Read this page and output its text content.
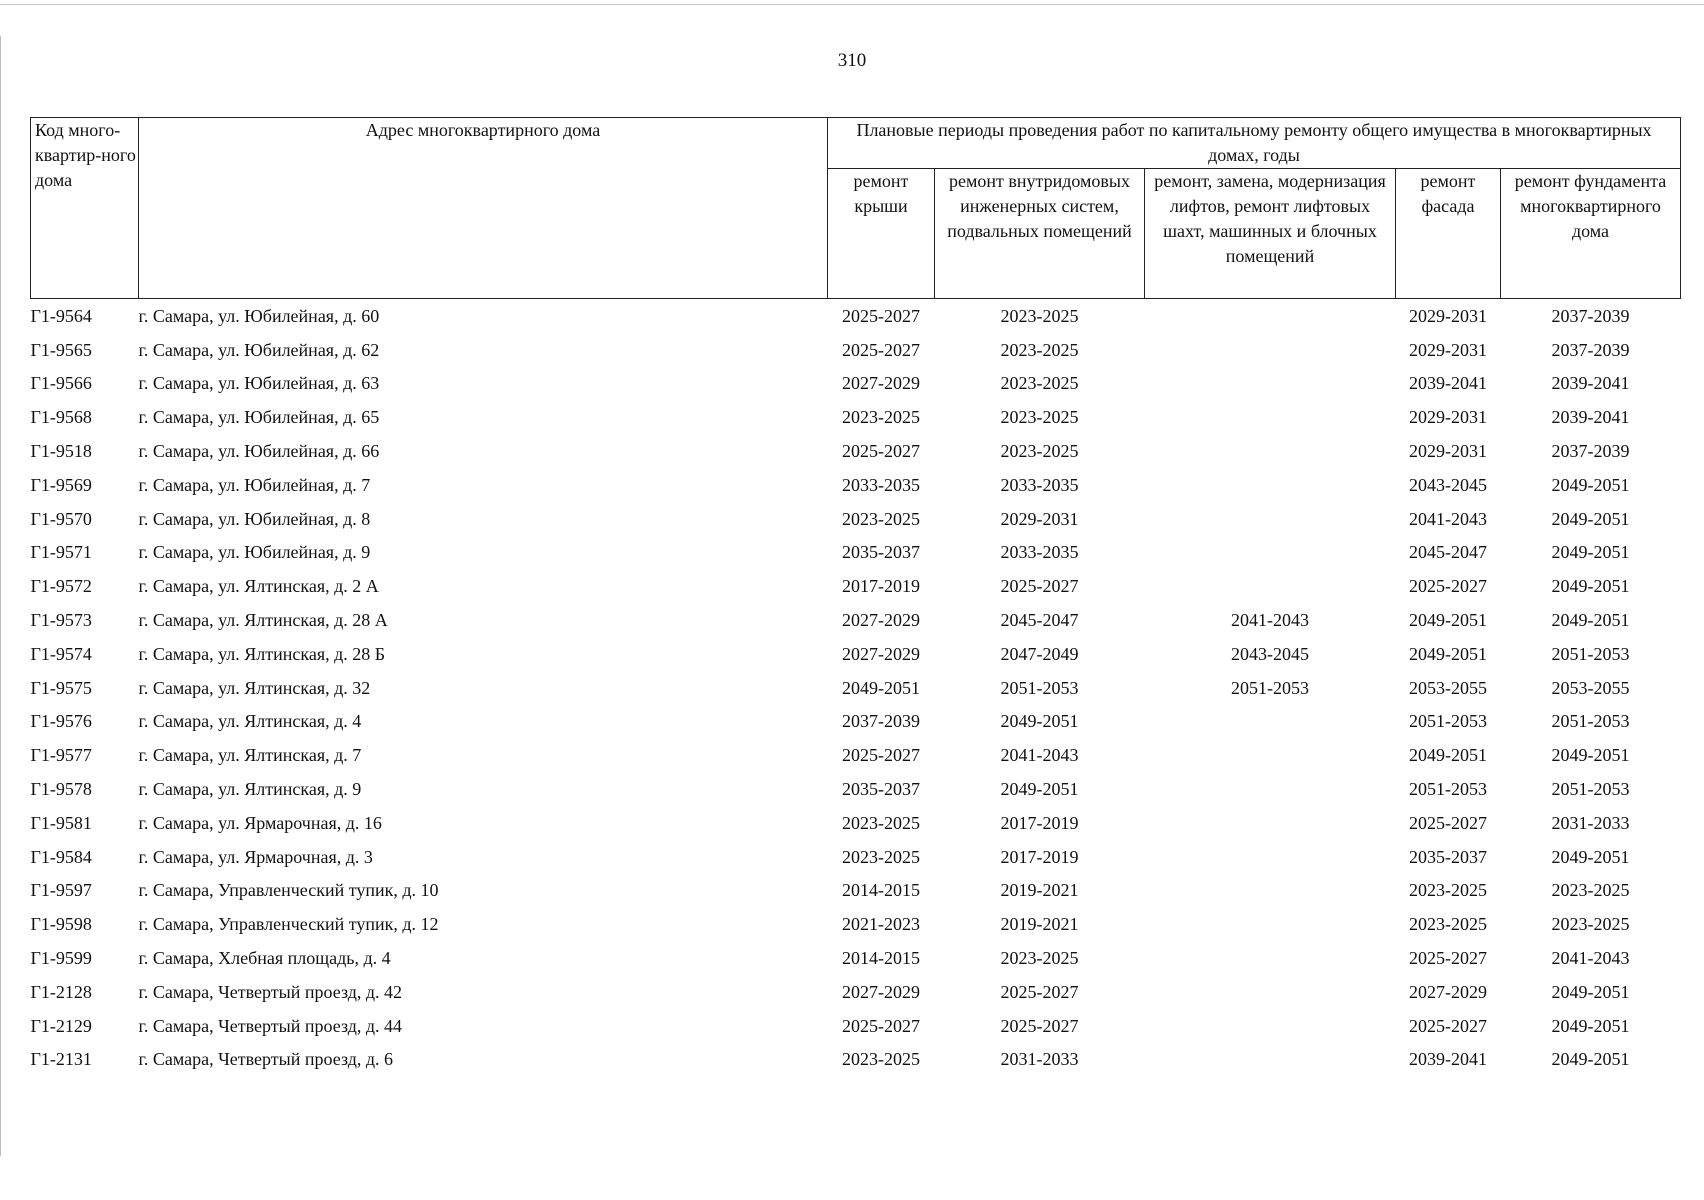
310
Код много-квартир-ного дома	Адрес многоквартирного дома	Плановые периоды проведения работ по капитальному ремонту общего имущества в многоквартирных домах, годы				
		ремонт крыши	ремонт внутридомовых инженерных систем, подвальных помещений	ремонт, замена, модернизация лифтов, ремонт лифтовых шахт, машинных и блочных помещений	ремонт фасада	ремонт фундамента многоквартирного дома
Г1-9564	г. Самара, ул. Юбилейная, д. 60	2025-2027	2023-2025		2029-2031	2037-2039
Г1-9565	г. Самара, ул. Юбилейная, д. 62	2025-2027	2023-2025		2029-2031	2037-2039
Г1-9566	г. Самара, ул. Юбилейная, д. 63	2027-2029	2023-2025		2039-2041	2039-2041
Г1-9568	г. Самара, ул. Юбилейная, д. 65	2023-2025	2023-2025		2029-2031	2039-2041
Г1-9518	г. Самара, ул. Юбилейная, д. 66	2025-2027	2023-2025		2029-2031	2037-2039
Г1-9569	г. Самара, ул. Юбилейная, д. 7	2033-2035	2033-2035		2043-2045	2049-2051
Г1-9570	г. Самара, ул. Юбилейная, д. 8	2023-2025	2029-2031		2041-2043	2049-2051
Г1-9571	г. Самара, ул. Юбилейная, д. 9	2035-2037	2033-2035		2045-2047	2049-2051
Г1-9572	г. Самара, ул. Ялтинская, д. 2 А	2017-2019	2025-2027		2025-2027	2049-2051
Г1-9573	г. Самара, ул. Ялтинская, д. 28 А	2027-2029	2045-2047	2041-2043	2049-2051	2049-2051
Г1-9574	г. Самара, ул. Ялтинская, д. 28 Б	2027-2029	2047-2049	2043-2045	2049-2051	2051-2053
Г1-9575	г. Самара, ул. Ялтинская, д. 32	2049-2051	2051-2053	2051-2053	2053-2055	2053-2055
Г1-9576	г. Самара, ул. Ялтинская, д. 4	2037-2039	2049-2051		2051-2053	2051-2053
Г1-9577	г. Самара, ул. Ялтинская, д. 7	2025-2027	2041-2043		2049-2051	2049-2051
Г1-9578	г. Самара, ул. Ялтинская, д. 9	2035-2037	2049-2051		2051-2053	2051-2053
Г1-9581	г. Самара, ул. Ярмарочная, д. 16	2023-2025	2017-2019		2025-2027	2031-2033
Г1-9584	г. Самара, ул. Ярмарочная, д. 3	2023-2025	2017-2019		2035-2037	2049-2051
Г1-9597	г. Самара, Управленческий тупик, д. 10	2014-2015	2019-2021		2023-2025	2023-2025
Г1-9598	г. Самара, Управленческий тупик, д. 12	2021-2023	2019-2021		2023-2025	2023-2025
Г1-9599	г. Самара, Хлебная площадь, д. 4	2014-2015	2023-2025		2025-2027	2041-2043
Г1-2128	г. Самара, Четвертый проезд, д. 42	2027-2029	2025-2027		2027-2029	2049-2051
Г1-2129	г. Самара, Четвертый проезд, д. 44	2025-2027	2025-2027		2025-2027	2049-2051
Г1-2131	г. Самара, Четвертый проезд, д. 6	2023-2025	2031-2033		2039-2041	2049-2051
